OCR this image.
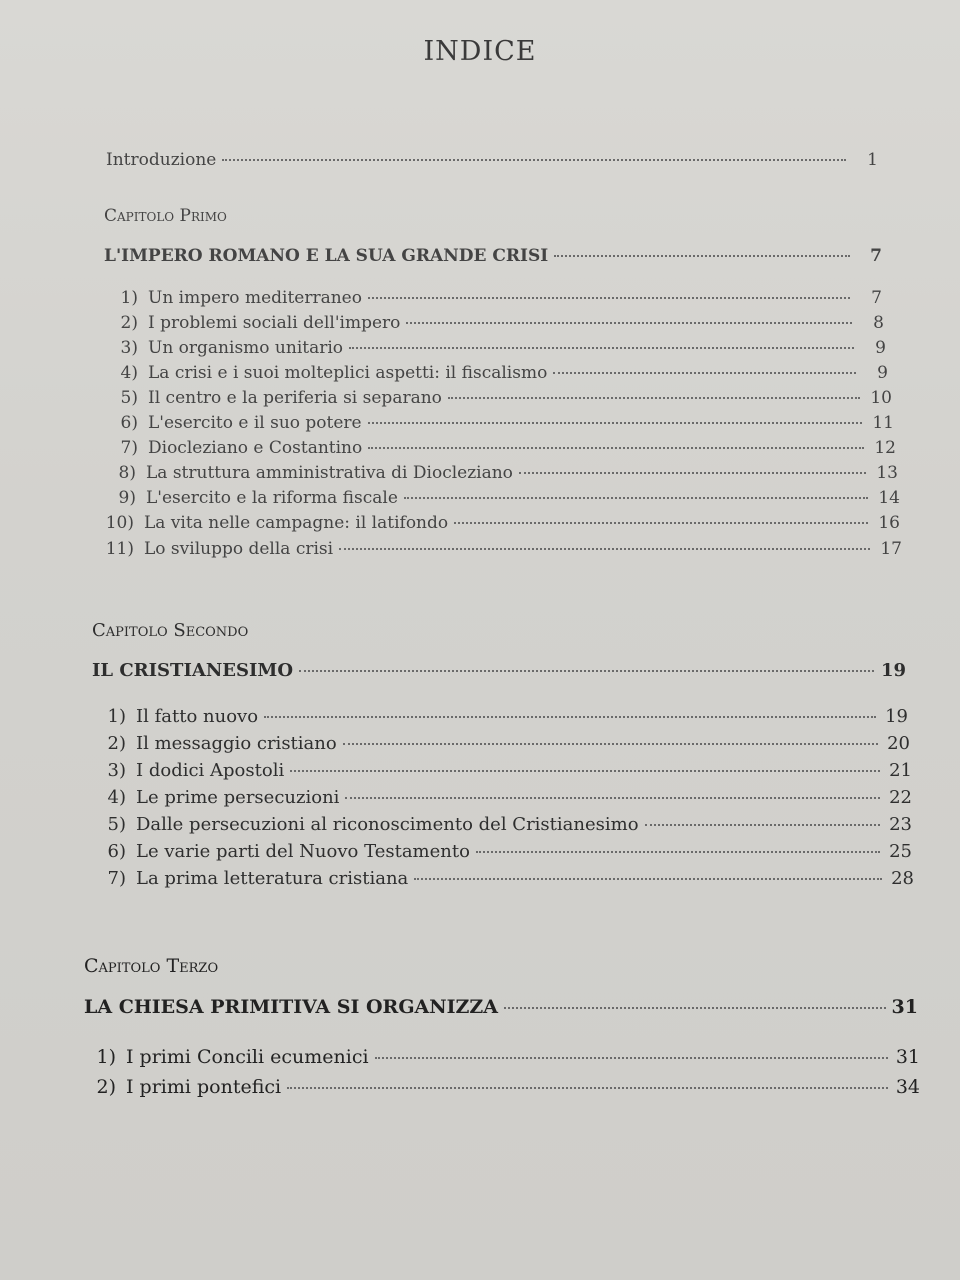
INDICE
Introduzione	1
Capitolo Primo
L'IMPERO ROMANO E LA SUA GRANDE CRISI	7
1) Un impero mediterraneo	7
2) I problemi sociali dell'impero	8
3) Un organismo unitario	9
4) La crisi e i suoi molteplici aspetti: il fiscalismo	9
5) Il centro e la periferia si separano	10
6) L'esercito e il suo potere	11
7) Diocleziano e Costantino	12
8) La struttura amministrativa di Diocleziano	13
9) L'esercito e la riforma fiscale	14
10) La vita nelle campagne: il latifondo	16
11) Lo sviluppo della crisi	17
Capitolo Secondo
IL CRISTIANESIMO	19
1) Il fatto nuovo	19
2) Il messaggio cristiano	20
3) I dodici Apostoli	21
4) Le prime persecuzioni	22
5) Dalle persecuzioni al riconoscimento del Cristianesimo	23
6) Le varie parti del Nuovo Testamento	25
7) La prima letteratura cristiana	28
Capitolo Terzo
LA CHIESA PRIMITIVA SI ORGANIZZA	31
1) I primi Concili ecumenici	31
2) I primi pontefici	34
